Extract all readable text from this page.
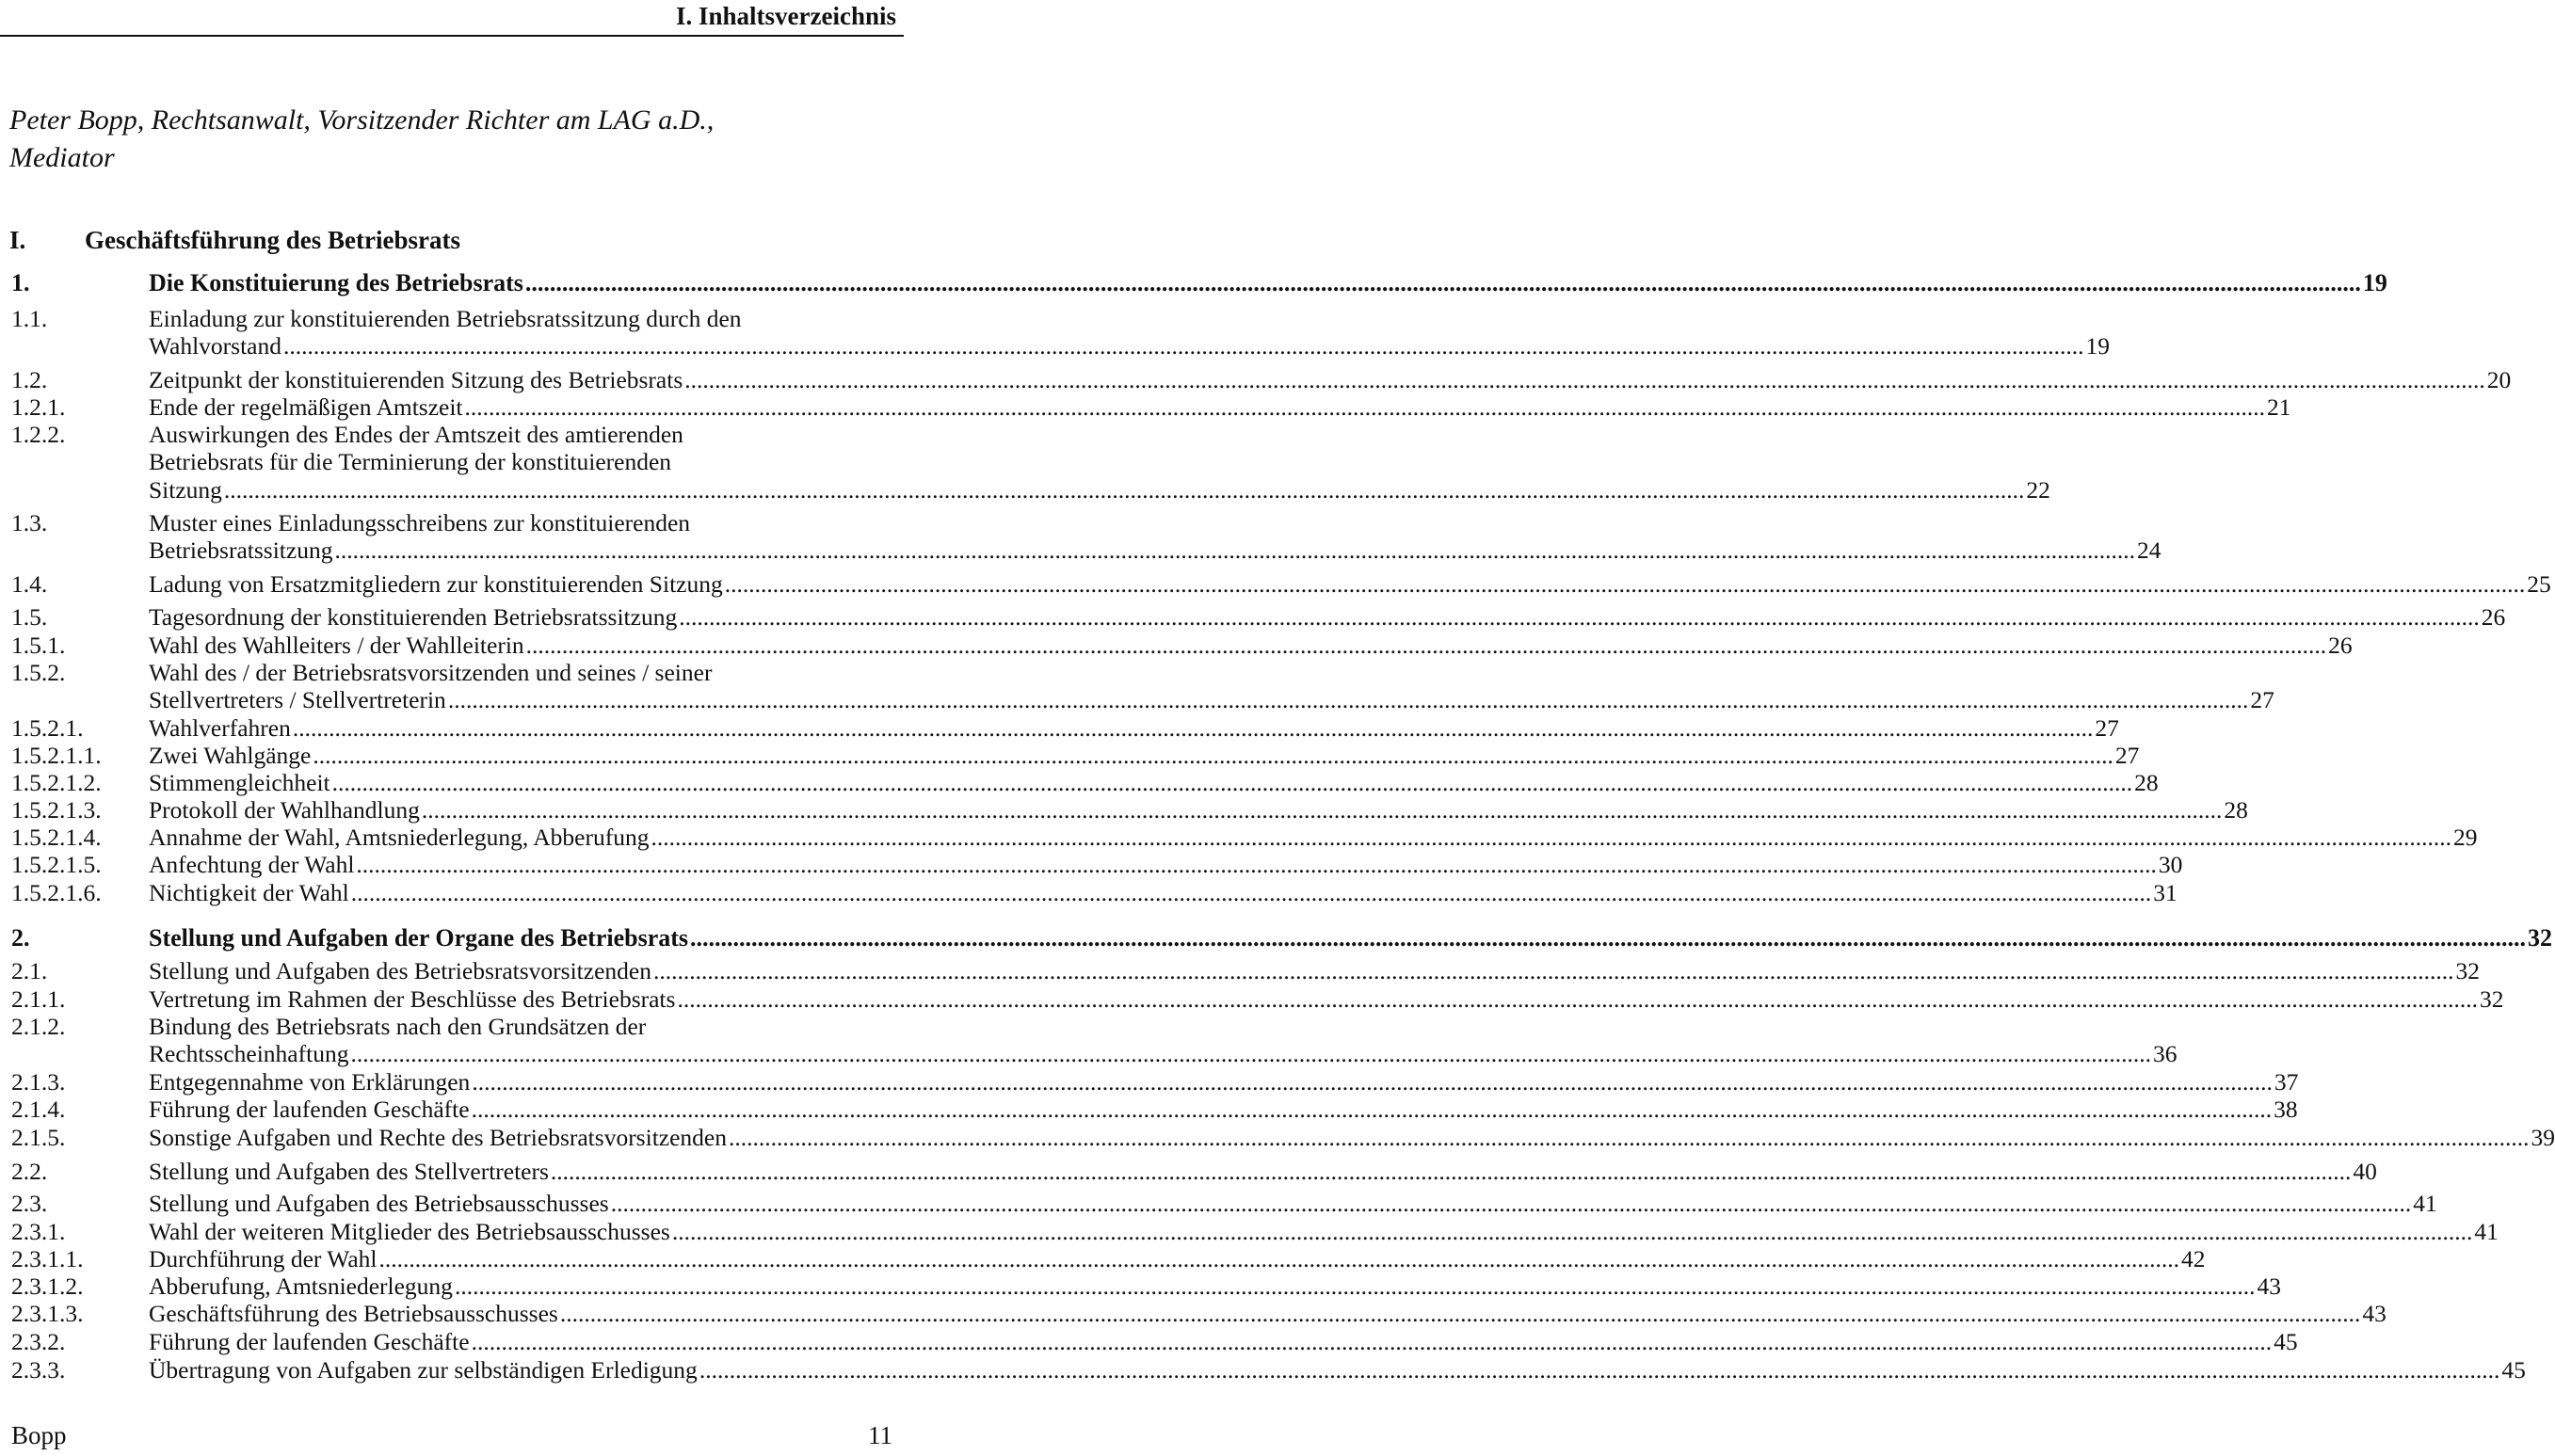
I. Inhaltsverzeichnis
Peter Bopp, Rechtsanwalt, Vorsitzender Richter am LAG a.D.,
Mediator
I. Geschäftsführung des Betriebsrats
1.	Die Konstituierung des Betriebsrats ............................................................................................................................................................................................................................................................................................................ 19
1.1.	Einladung zur konstituierenden Betriebsratssitzung durch den
Wahlvorstand ............................................................................................................................................................................................................................................................................................................ 19
1.2.	Zeitpunkt der konstituierenden Sitzung des Betriebsrats ............................................................................................................................................................................................................................................................................................................ 20
1.2.1.	Ende der regelmäßigen Amtszeit ............................................................................................................................................................................................................................................................................................................ 21
1.2.2.	Auswirkungen des Endes der Amtszeit des amtierenden
Betriebsrats für die Terminierung der konstituierenden
Sitzung ............................................................................................................................................................................................................................................................................................................ 22
1.3.	Muster eines Einladungsschreibens zur konstituierenden
Betriebsratssitzung ............................................................................................................................................................................................................................................................................................................ 24
1.4.	Ladung von Ersatzmitgliedern zur konstituierenden Sitzung ............................................................................................................................................................................................................................................................................................................ 25
1.5.	Tagesordnung der konstituierenden Betriebsratssitzung ............................................................................................................................................................................................................................................................................................................ 26
1.5.1.	Wahl des Wahlleiters / der Wahlleiterin ............................................................................................................................................................................................................................................................................................................ 26
1.5.2.	Wahl des / der Betriebsratsvorsitzenden und seines / seiner
Stellvertreters / Stellvertreterin ............................................................................................................................................................................................................................................................................................................ 27
1.5.2.1.	Wahlverfahren ............................................................................................................................................................................................................................................................................................................ 27
1.5.2.1.1. Zwei Wahlgänge ............................................................................................................................................................................................................................................................................................................ 27
1.5.2.1.2. Stimmengleichheit ............................................................................................................................................................................................................................................................................................................ 28
1.5.2.1.3. Protokoll der Wahlhandlung ............................................................................................................................................................................................................................................................................................................ 28
1.5.2.1.4. Annahme der Wahl, Amtsniederlegung, Abberufung ............................................................................................................................................................................................................................................................................................................ 29
1.5.2.1.5. Anfechtung der Wahl ............................................................................................................................................................................................................................................................................................................ 30
1.5.2.1.6. Nichtigkeit der Wahl ............................................................................................................................................................................................................................................................................................................ 31
2.	Stellung und Aufgaben der Organe des Betriebsrats ............................................................................................................................................................................................................................................................................................................ 32
2.1.	Stellung und Aufgaben des Betriebsratsvorsitzenden ............................................................................................................................................................................................................................................................................................................ 32
2.1.1.	Vertretung im Rahmen der Beschlüsse des Betriebsrats ............................................................................................................................................................................................................................................................................................................ 32
2.1.2.	Bindung des Betriebsrats nach den Grundsätzen der
Rechtsscheinhaftung ............................................................................................................................................................................................................................................................................................................ 36
2.1.3.	Entgegennahme von Erklärungen ............................................................................................................................................................................................................................................................................................................ 37
2.1.4.	Führung der laufenden Geschäfte ............................................................................................................................................................................................................................................................................................................ 38
2.1.5.	Sonstige Aufgaben und Rechte des Betriebsratsvorsitzenden ............................................................................................................................................................................................................................................................................................................ 39
2.2.	Stellung und Aufgaben des Stellvertreters ............................................................................................................................................................................................................................................................................................................ 40
2.3.	Stellung und Aufgaben des Betriebsausschusses ............................................................................................................................................................................................................................................................................................................ 41
2.3.1.	Wahl der weiteren Mitglieder des Betriebsausschusses ............................................................................................................................................................................................................................................................................................................ 41
2.3.1.1.	Durchführung der Wahl ............................................................................................................................................................................................................................................................................................................ 42
2.3.1.2.	Abberufung, Amtsniederlegung ............................................................................................................................................................................................................................................................................................................ 43
2.3.1.3.	Geschäftsführung des Betriebsausschusses ............................................................................................................................................................................................................................................................................................................ 43
2.3.2.	Führung der laufenden Geschäfte ............................................................................................................................................................................................................................................................................................................ 45
2.3.3.	Übertragung von Aufgaben zur selbständigen Erledigung ............................................................................................................................................................................................................................................................................................................ 45
Bopp	11
